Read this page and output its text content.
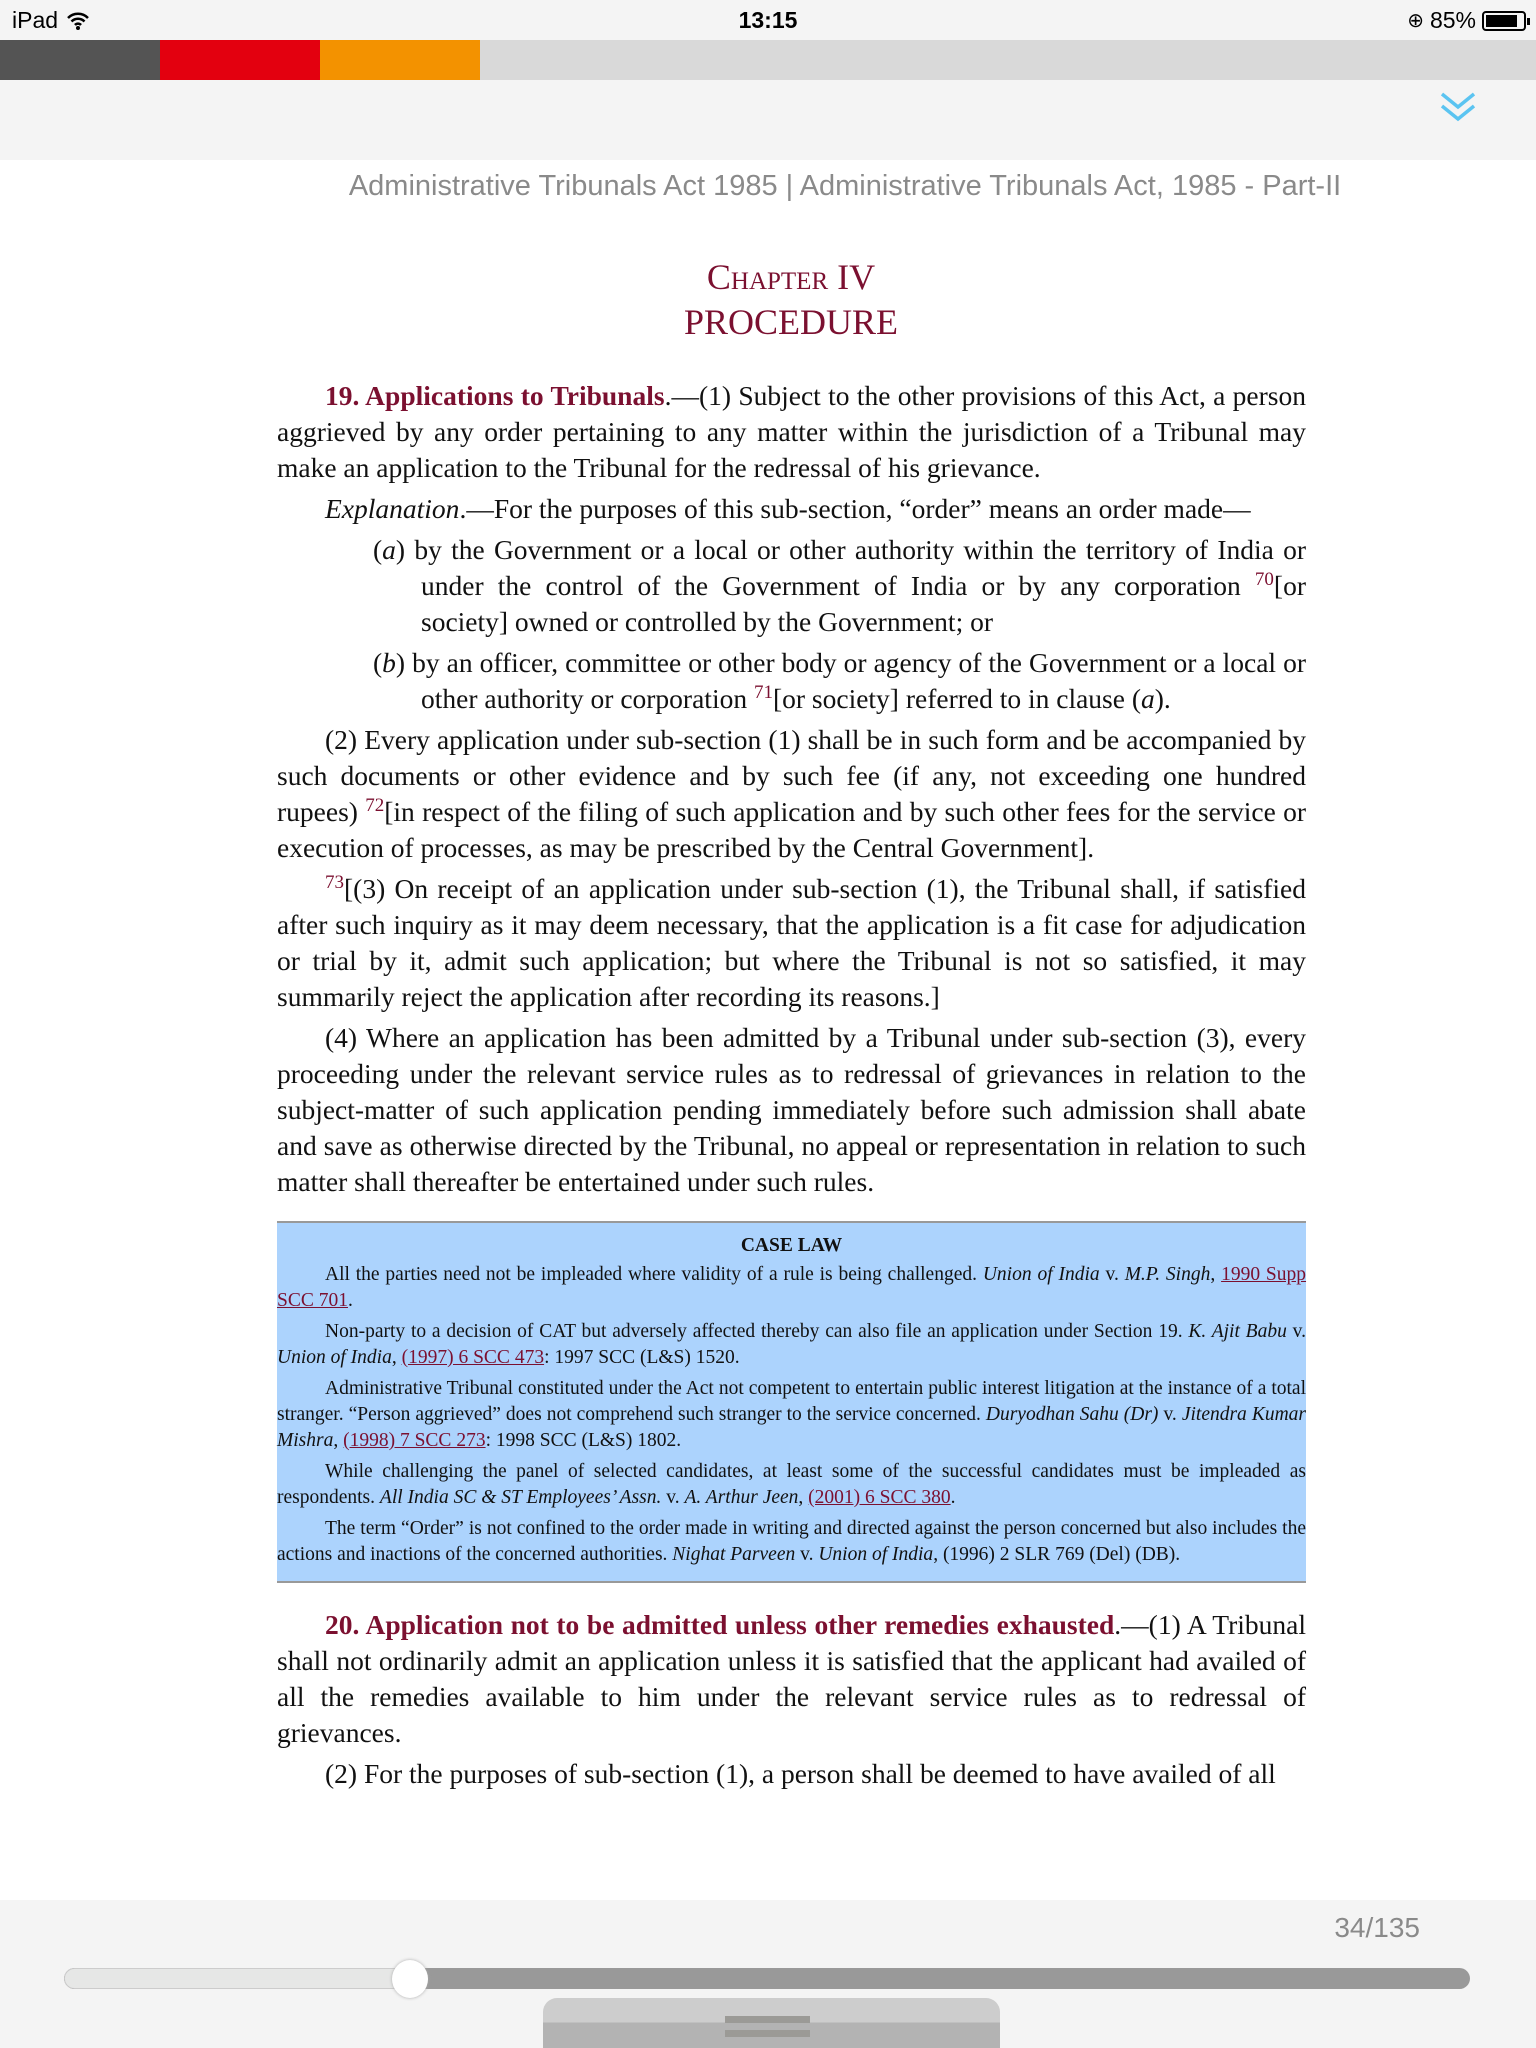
iPad	13:15	⊕ 85%
Administrative Tribunals Act 1985 | Administrative Tribunals Act, 1985 - Part-II
Chapter IV
PROCEDURE

19. Applications to Tribunals.—(1) Subject to the other provisions of this Act, a person aggrieved by any order pertaining to any matter within the jurisdiction of a Tribunal may make an application to the Tribunal for the redressal of his grievance.

Explanation.—For the purposes of this sub-section, “order” means an order made—

(a) by the Government or a local or other authority within the territory of India or under the control of the Government of India or by any corporation $^{70}$[or society] owned or controlled by the Government; or

(b) by an officer, committee or other body or agency of the Government or a local or other authority or corporation $^{71}$[or society] referred to in clause (a).

(2) Every application under sub-section (1) shall be in such form and be accompanied by such documents or other evidence and by such fee (if any, not exceeding one hundred rupees) $^{72}$[in respect of the filing of such application and by such other fees for the service or execution of processes, as may be prescribed by the Central Government].

$^{73}$[(3) On receipt of an application under sub-section (1), the Tribunal shall, if satisfied after such inquiry as it may deem necessary, that the application is a fit case for adjudication or trial by it, admit such application; but where the Tribunal is not so satisfied, it may summarily reject the application after recording its reasons.]

(4) Where an application has been admitted by a Tribunal under sub-section (3), every proceeding under the relevant service rules as to redressal of grievances in relation to the subject-matter of such application pending immediately before such admission shall abate and save as otherwise directed by the Tribunal, no appeal or representation in relation to such matter shall thereafter be entertained under such rules.

CASE LAW

All the parties need not be impleaded where validity of a rule is being challenged. Union of India v. M.P. Singh, 1990 Supp SCC 701.

Non-party to a decision of CAT but adversely affected thereby can also file an application under Section 19. K. Ajit Babu v. Union of India, (1997) 6 SCC 473: 1997 SCC (L&S) 1520.

Administrative Tribunal constituted under the Act not competent to entertain public interest litigation at the instance of a total stranger. “Person aggrieved” does not comprehend such stranger to the service concerned. Duryodhan Sahu (Dr) v. Jitendra Kumar Mishra, (1998) 7 SCC 273: 1998 SCC (L&S) 1802.

While challenging the panel of selected candidates, at least some of the successful candidates must be impleaded as respondents. All India SC & ST Employees’ Assn. v. A. Arthur Jeen, (2001) 6 SCC 380.

The term “Order” is not confined to the order made in writing and directed against the person concerned but also includes the actions and inactions of the concerned authorities. Nighat Parveen v. Union of India, (1996) 2 SLR 769 (Del) (DB).

20. Application not to be admitted unless other remedies exhausted.—(1) A Tribunal shall not ordinarily admit an application unless it is satisfied that the applicant had availed of all the remedies available to him under the relevant service rules as to redressal of grievances.

(2) For the purposes of sub-section (1), a person shall be deemed to have availed of all

34/135
